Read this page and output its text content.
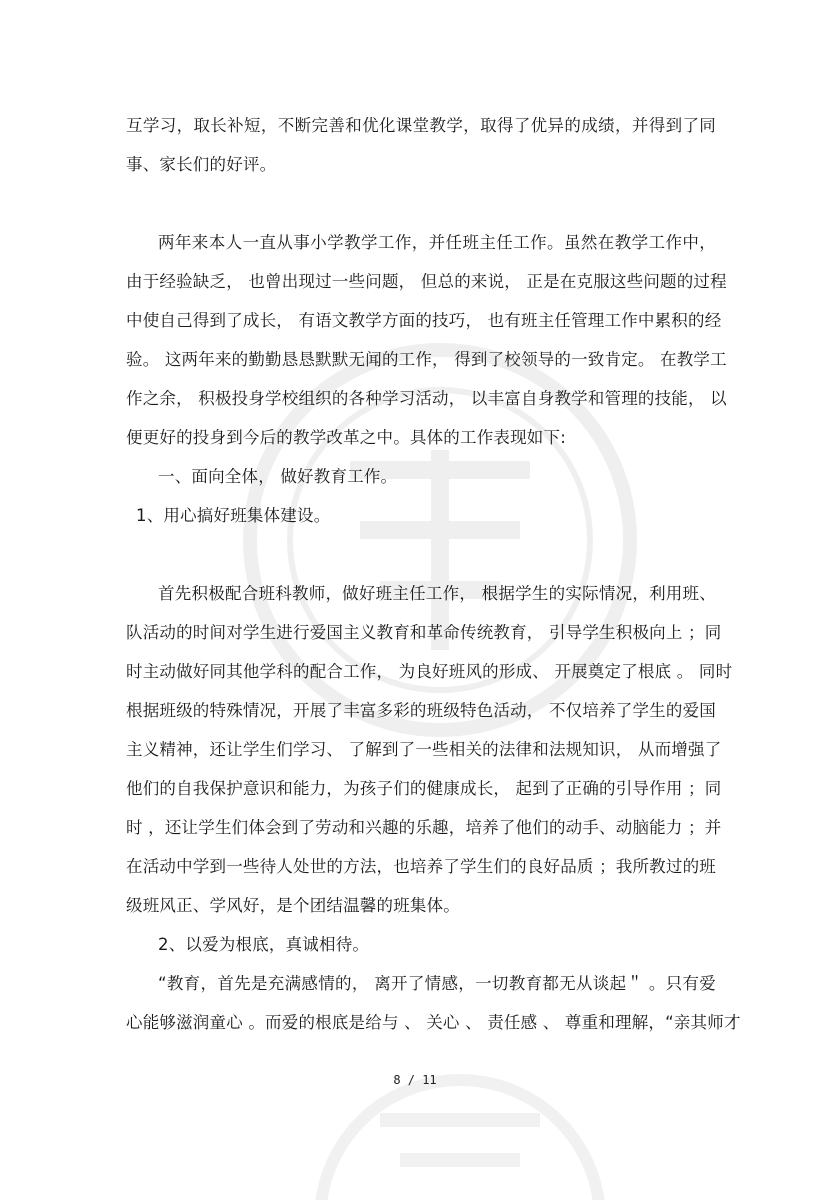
互学习，取长补短，不断完善和优化课堂教学，取得了优异的成绩，并得到了同
事、家长们的好评。
两年来本人一直从事小学教学工作，并任班主任工作。虽然在教学工作中，
由于经验缺乏， 也曾出现过一些问题， 但总的来说， 正是在克服这些问题的过程
中使自己得到了成长， 有语文教学方面的技巧， 也有班主任管理工作中累积的经
验。 这两年来的勤勤恳恳默默无闻的工作， 得到了校领导的一致肯定。 在教学工
作之余， 积极投身学校组织的各种学习活动， 以丰富自身教学和管理的技能， 以
便更好的投身到今后的教学改革之中。具体的工作表现如下:
一、面向全体， 做好教育工作。
1、用心搞好班集体建设。
首先积极配合班科教师，做好班主任工作， 根据学生的实际情况，利用班、
队活动的时间对学生进行爱国主义教育和革命传统教育， 引导学生积极向上 ；同
时主动做好同其他学科的配合工作， 为良好班风的形成、 开展奠定了根底 。 同时
根据班级的特殊情况，开展了丰富多彩的班级特色活动， 不仅培养了学生的爱国
主义精神，还让学生们学习、 了解到了一些相关的法律和法规知识， 从而增强了
他们的自我保护意识和能力，为孩子们的健康成长， 起到了正确的引导作用 ；同
时 ，还让学生们体会到了劳动和兴趣的乐趣，培养了他们的动手、动脑能力 ；并
在活动中学到一些待人处世的方法，也培养了学生们的良好品质 ；我所教过的班
级班风正、学风好，是个团结温馨的班集体。
2、以爱为根底，真诚相待。
“教育，首先是充满感情的， 离开了情感，一切教育都无从谈起＂ 。只有爱
心能够滋润童心 。而爱的根底是给与 、 关心 、 责任感 、 尊重和理解，“亲其师才
8 / 11
